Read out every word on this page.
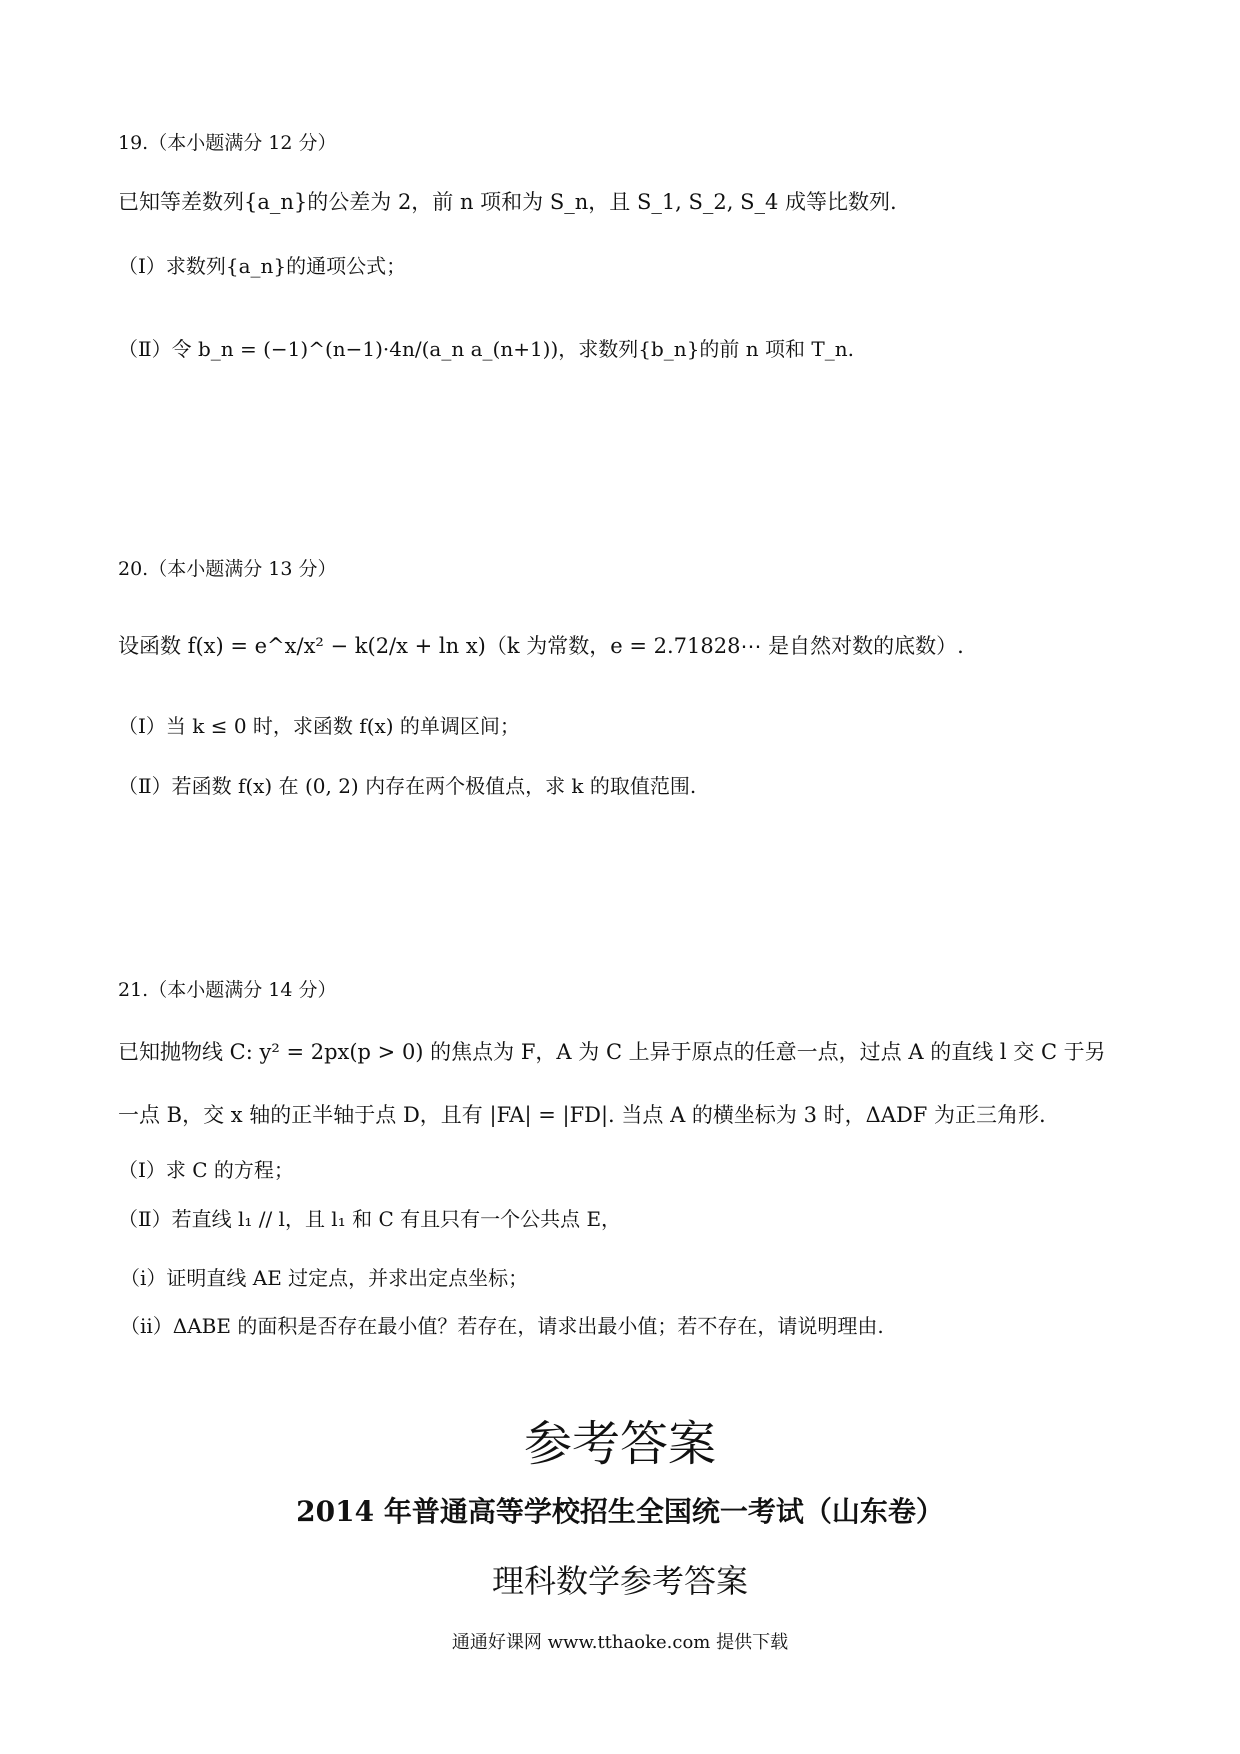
19.（本小题满分 12 分）
已知等差数列{a_n}的公差为 2，前 n 项和为 S_n，且 S_1, S_2, S_4 成等比数列.
（Ⅰ）求数列{a_n}的通项公式；
（Ⅱ）令 b_n = (−1)^(n−1)·4n/(a_n a_(n+1))，求数列{b_n}的前 n 项和 T_n.
20.（本小题满分 13 分）
设函数 f(x) = e^x/x² − k(2/x + ln x)（k 为常数，e = 2.71828⋯ 是自然对数的底数）.
（Ⅰ）当 k ≤ 0 时，求函数 f(x) 的单调区间；
（Ⅱ）若函数 f(x) 在 (0, 2) 内存在两个极值点，求 k 的取值范围.
21.（本小题满分 14 分）
已知抛物线 C: y² = 2px(p > 0) 的焦点为 F，A 为 C 上异于原点的任意一点，过点 A 的直线 l 交 C 于另
一点 B，交 x 轴的正半轴于点 D，且有 |FA| = |FD|. 当点 A 的横坐标为 3 时，ΔADF 为正三角形.
（Ⅰ）求 C 的方程；
（Ⅱ）若直线 l₁ // l，且 l₁ 和 C 有且只有一个公共点 E，
（ⅰ）证明直线 AE 过定点，并求出定点坐标；
（ⅱ）ΔABE 的面积是否存在最小值？若存在，请求出最小值；若不存在，请说明理由.
参考答案
2014 年普通高等学校招生全国统一考试（山东卷）
理科数学参考答案
通通好课网 www.tthaoke.com 提供下载
